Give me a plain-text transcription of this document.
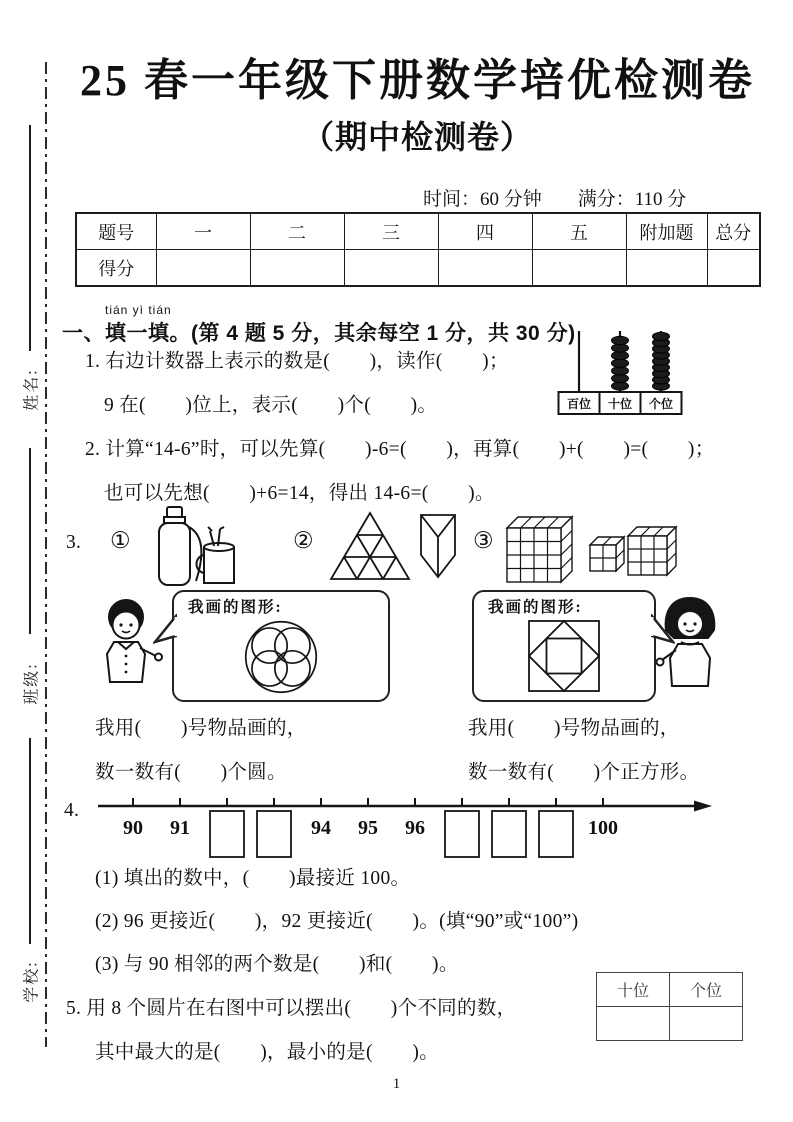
姓名:
班级:
学校:
25 春一年级下册数学培优检测卷
（期中检测卷）
时间：60 分钟 满分：110 分
题号	一	二	三	四	五	附加题	总分
得分							
一、
tián yì tián
填一填。(第 4 题 5 分，其余每空 1 分，共 30 分)
1. 右边计数器上表示的数是(　　)，读作(　　)；
9 在(　　)位上，表示(　　)个(　　)。	百位 十位 个位
2. 计算“14-6”时，可以先算(　　)-6=(　　)，再算(　　)+(　　)=(　　)；
也可以先想(　　)+6=14，得出 14-6=(　　)。
3. ①	②	③
我画的图形:	我画的图形:
我用(　　)号物品画的，
数一数有(　　)个圆。
我用(　　)号物品画的，
数一数有(　　)个正方形。
4.
90 91	94 95 96	100
(1) 填出的数中，(　　)最接近 100。
(2) 96 更接近(　　)，92 更接近(　　)。(填“90”或“100”)
(3) 与 90 相邻的两个数是(　　)和(　　)。
5. 用 8 个圆片在右图中可以摆出(　　)个不同的数，
其中最大的是(　　)，最小的是(　　)。
十位	个位

1
